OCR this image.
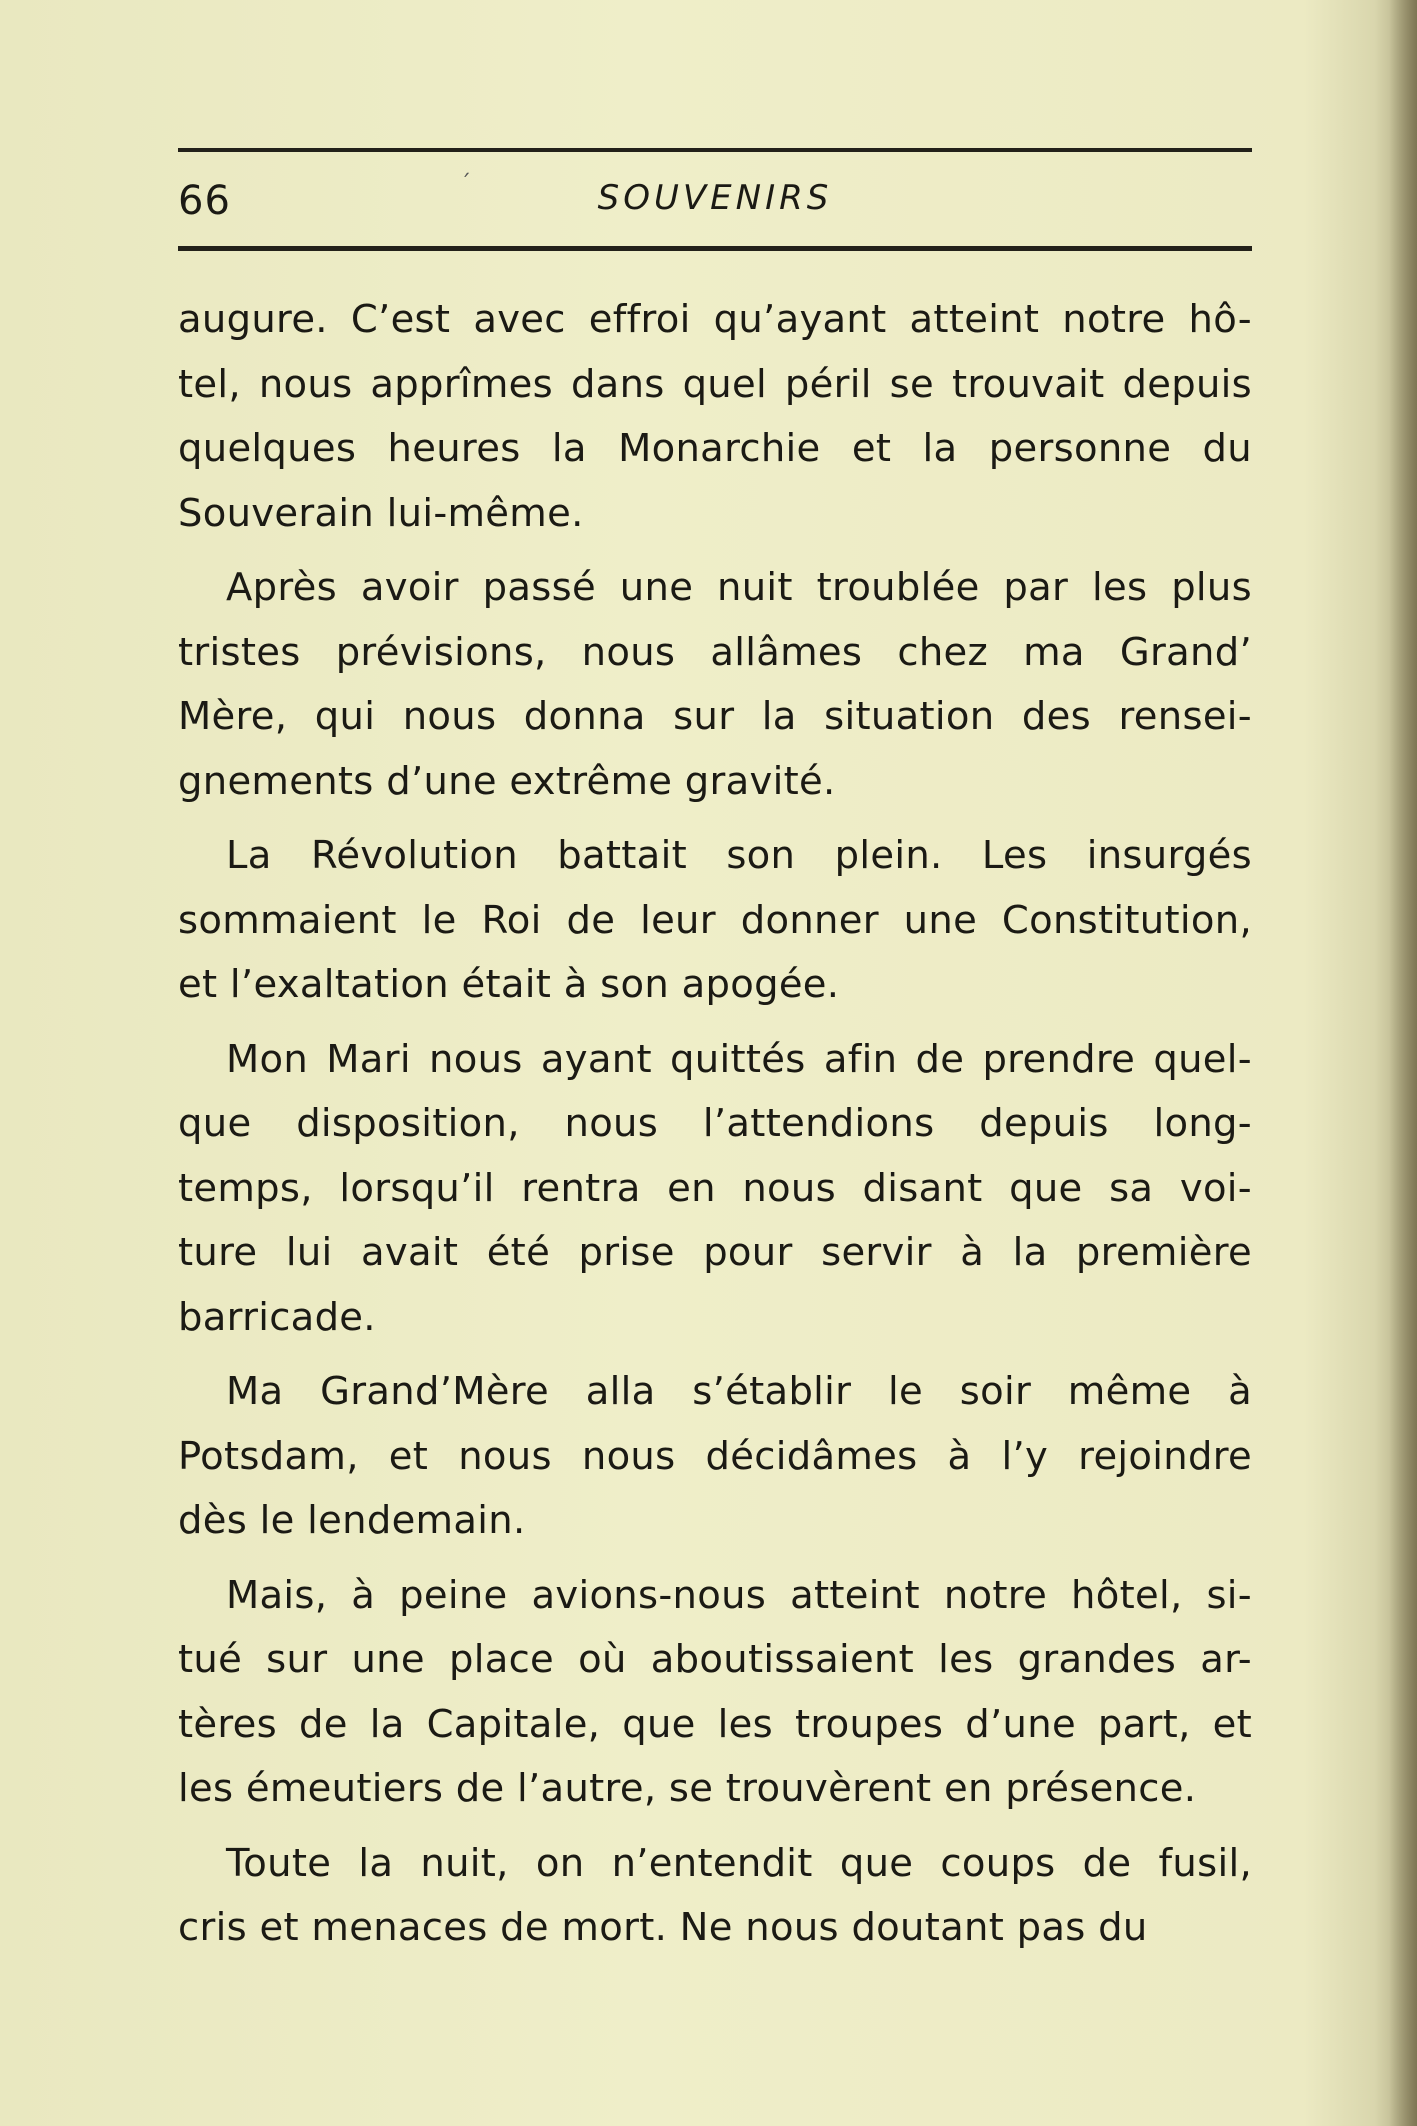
66	´	SOUVENIRS

augure. C’est avec effroi qu’ayant atteint notre hô-
tel, nous apprîmes dans quel péril se trouvait depuis
quelques heures la Monarchie et la personne du
Souverain lui-même.

Après avoir passé une nuit troublée par les plus
tristes prévisions, nous allâmes chez ma Grand’
Mère, qui nous donna sur la situation des rensei-
gnements d’une extrême gravité.

La Révolution battait son plein. Les insurgés
sommaient le Roi de leur donner une Constitution,
et l’exaltation était à son apogée.

Mon Mari nous ayant quittés afin de prendre quel-
que disposition, nous l’attendions depuis long-
temps, lorsqu’il rentra en nous disant que sa voi-
ture lui avait été prise pour servir à la première
barricade.

Ma Grand’Mère alla s’établir le soir même à
Potsdam, et nous nous décidâmes à l’y rejoindre
dès le lendemain.

Mais, à peine avions-nous atteint notre hôtel, si-
tué sur une place où aboutissaient les grandes ar-
tères de la Capitale, que les troupes d’une part, et
les émeutiers de l’autre, se trouvèrent en présence.

Toute la nuit, on n’entendit que coups de fusil,
cris et menaces de mort. Ne nous doutant pas du
